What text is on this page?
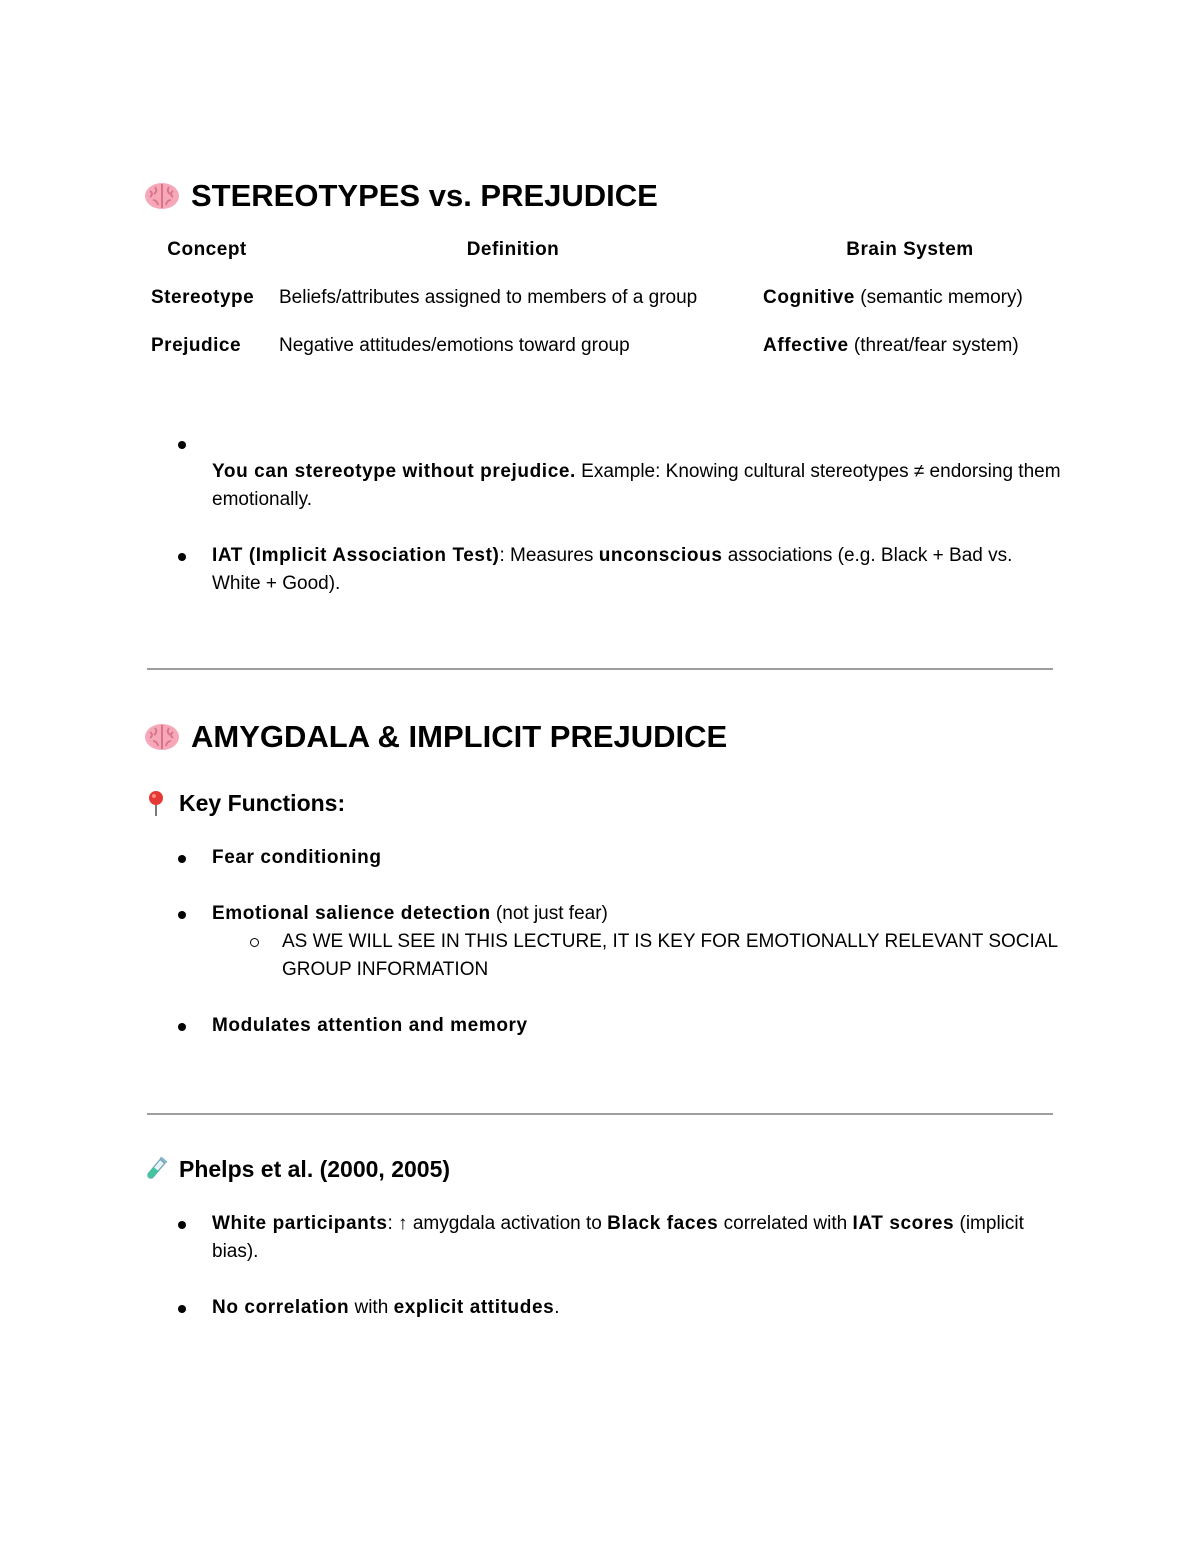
STEREOTYPES vs. PREJUDICE
Concept	Definition	Brain System
Stereotype	Beliefs/attributes assigned to members of a group	Cognitive (semantic memory)
Prejudice	Negative attitudes/emotions toward group	Affective (threat/fear system)
You can stereotype without prejudice. Example: Knowing cultural stereotypes ≠ endorsing them emotionally.
IAT (Implicit Association Test): Measures unconscious associations (e.g. Black + Bad vs. White + Good).
AMYGDALA & IMPLICIT PREJUDICE
Key Functions:
Fear conditioning
Emotional salience detection (not just fear)
AS WE WILL SEE IN THIS LECTURE, IT IS KEY FOR EMOTIONALLY RELEVANT SOCIAL GROUP INFORMATION
Modulates attention and memory
Phelps et al. (2000, 2005)
White participants: ↑ amygdala activation to Black faces correlated with IAT scores (implicit bias).
No correlation with explicit attitudes.
